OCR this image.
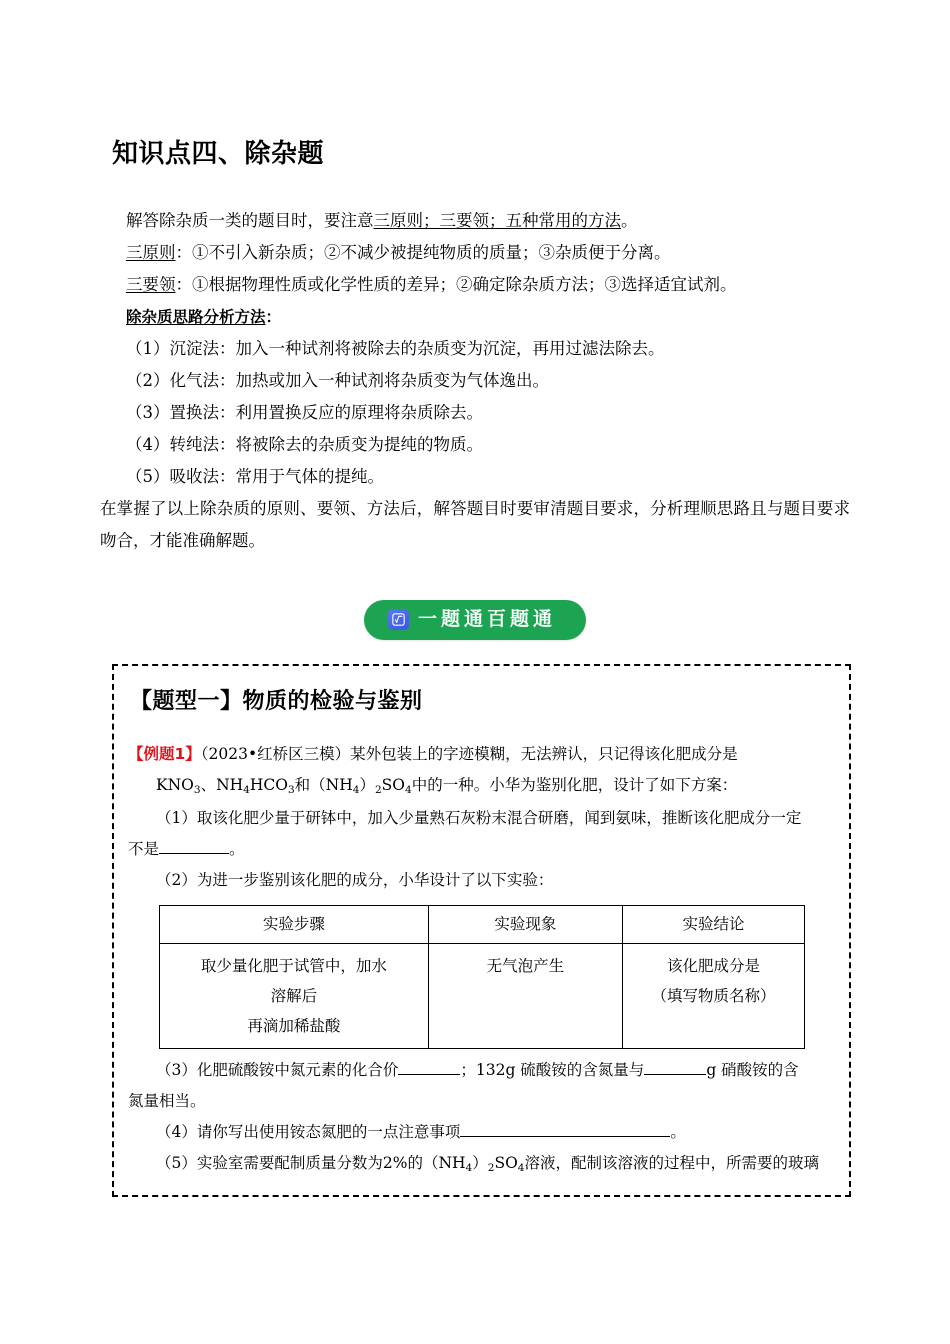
知识点四、除杂题

解答除杂质一类的题目时，要注意三原则；三要领；五种常用的方法。

三原则：①不引入新杂质；②不减少被提纯物质的质量；③杂质便于分离。

三要领：①根据物理性质或化学性质的差异；②确定除杂质方法；③选择适宜试剂。

除杂质思路分析方法：

（1）沉淀法：加入一种试剂将被除去的杂质变为沉淀，再用过滤法除去。

（2）化气法：加热或加入一种试剂将杂质变为气体逸出。

（3）置换法：利用置换反应的原理将杂质除去。

（4）转纯法：将被除去的杂质变为提纯的物质。

（5）吸收法：常用于气体的提纯。

在掌握了以上除杂质的原则、要领、方法后，解答题目时要审清题目要求，分析理顺思路且与题目要求吻合，才能准确解题。

一题通百题通
【题型一】物质的检验与鉴别

【例题1】（2023•红桥区三模）某外包装上的字迹模糊，无法辨认，只记得该化肥成分是

$KNO_3$、$NH_4HCO_3$和$(NH_4)_2SO_4$中的一种。小华为鉴别化肥，设计了如下方案：

（1）取该化肥少量于研钵中，加入少量熟石灰粉末混合研磨，闻到氨味，推断该化肥成分一定

不是	。

（2）为进一步鉴别该化肥的成分，小华设计了以下实验：

实验步骤	实验现象	实验结论

取少量化肥于试管中，加水
溶解后
再滴加稀盐酸	无气泡产生	该化肥成分是
（填写物质名称）

（3）化肥硫酸铵中氮元素的化合价	；132g 硫酸铵的含氮量与	g 硝酸铵的含

氮量相当。

（4）请你写出使用铵态氮肥的一点注意事项	。

（5）实验室需要配制质量分数为2%的$(NH_4)_2SO_4$溶液，配制该溶液的过程中，所需要的玻璃
